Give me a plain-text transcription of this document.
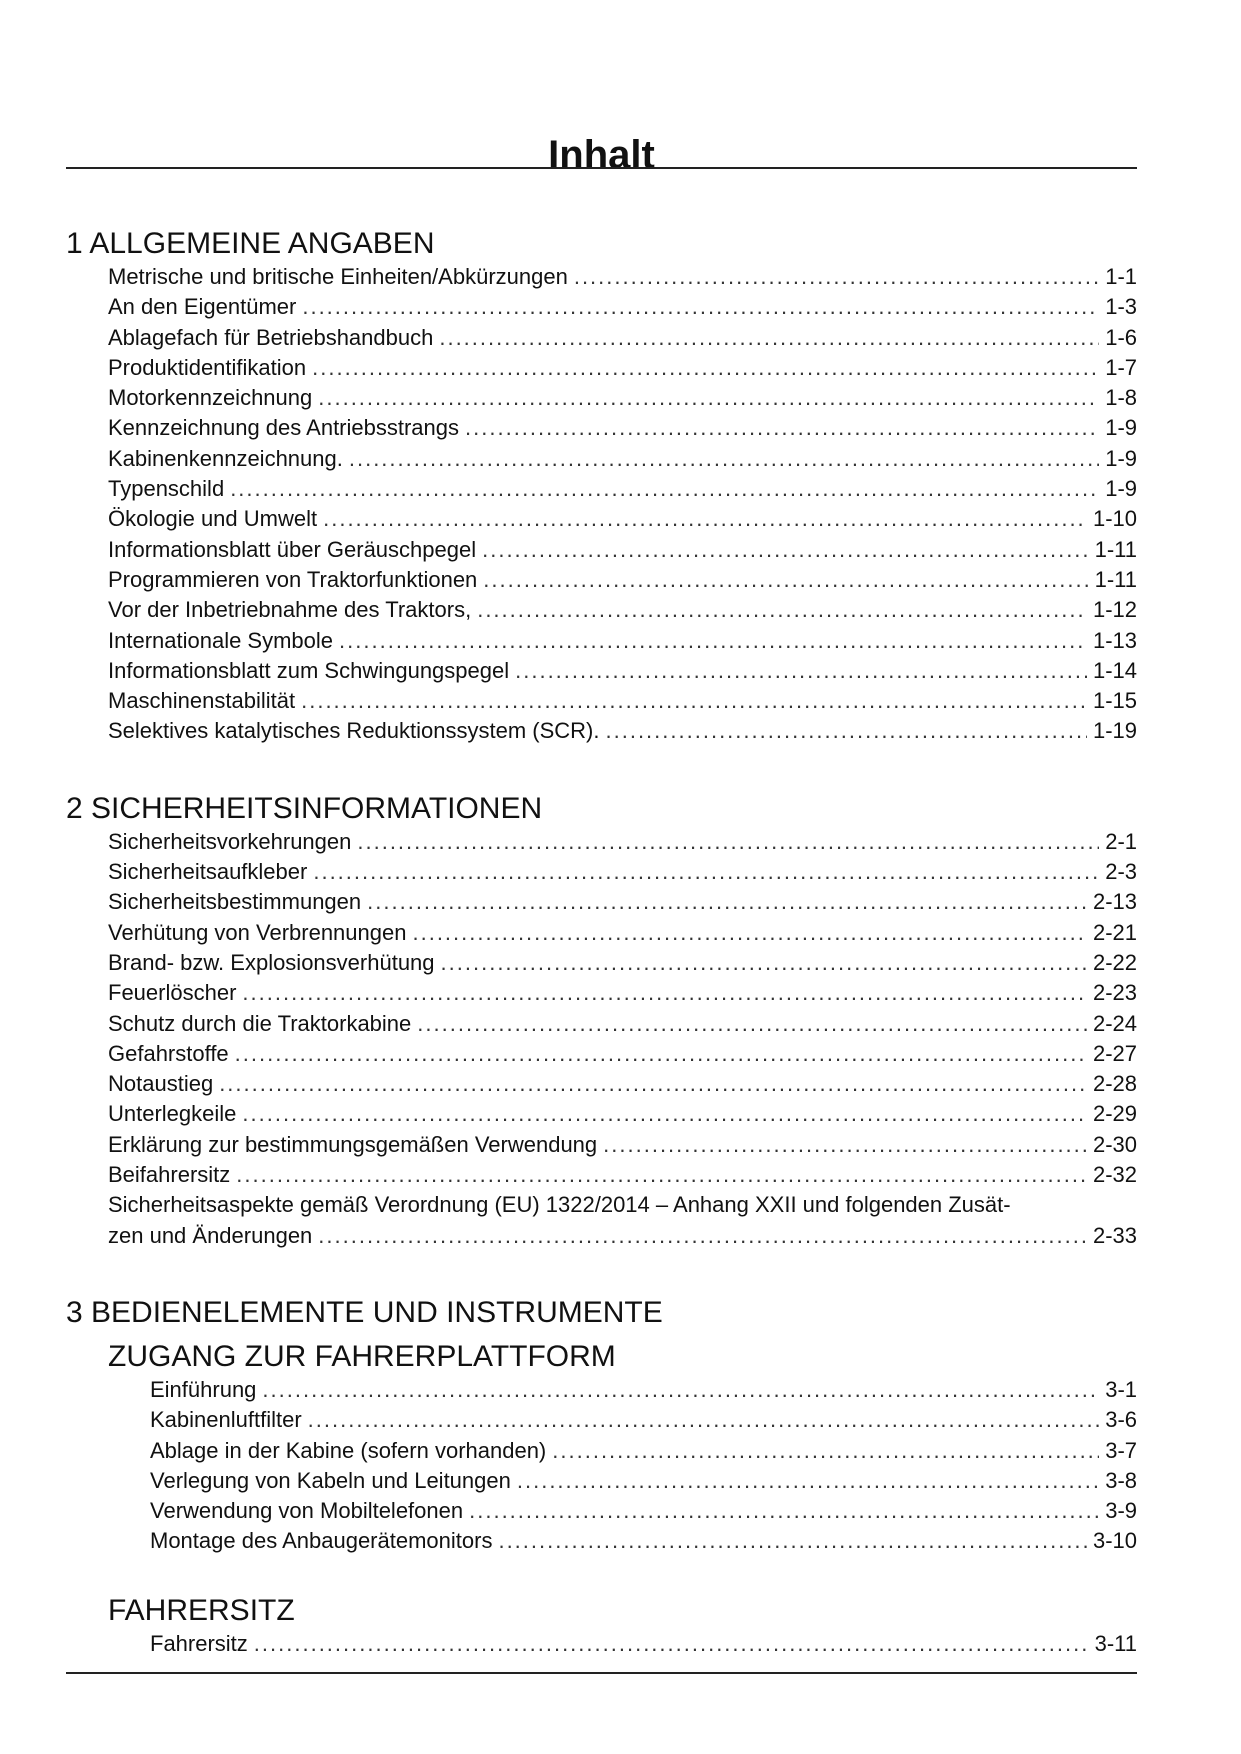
Inhalt
1 ALLGEMEINE ANGABEN
Metrische und britische Einheiten/Abkürzungen .....	1-1
An den Eigentümer .....	1-3
Ablagefach für Betriebshandbuch .....	1-6
Produktidentifikation .....	1-7
Motorkennzeichnung .....	1-8
Kennzeichnung des Antriebsstrangs .....	1-9
Kabinenkennzeichnung. .....	1-9
Typenschild .....	1-9
Ökologie und Umwelt .....	1-10
Informationsblatt über Geräuschpegel .....	1-11
Programmieren von Traktorfunktionen .....	1-11
Vor der Inbetriebnahme des Traktors, .....	1-12
Internationale Symbole .....	1-13
Informationsblatt zum Schwingungspegel .....	1-14
Maschinenstabilität .....	1-15
Selektives katalytisches Reduktionssystem (SCR). .....	1-19
2 SICHERHEITSINFORMATIONEN
Sicherheitsvorkehrungen .....	2-1
Sicherheitsaufkleber .....	2-3
Sicherheitsbestimmungen .....	2-13
Verhütung von Verbrennungen .....	2-21
Brand- bzw. Explosionsverhütung .....	2-22
Feuerlöscher .....	2-23
Schutz durch die Traktorkabine .....	2-24
Gefahrstoffe .....	2-27
Notaustieg .....	2-28
Unterlegkeile .....	2-29
Erklärung zur bestimmungsgemäßen Verwendung .....	2-30
Beifahrersitz .....	2-32
Sicherheitsaspekte gemäß Verordnung (EU) 1322/2014 – Anhang XXII und folgenden Zusät-
zen und Änderungen .....	2-33
3 BEDIENELEMENTE UND INSTRUMENTE
ZUGANG ZUR FAHRERPLATTFORM
Einführung .....	3-1
Kabinenluftfilter .....	3-6
Ablage in der Kabine (sofern vorhanden) .....	3-7
Verlegung von Kabeln und Leitungen .....	3-8
Verwendung von Mobiltelefonen .....	3-9
Montage des Anbaugerätemonitors .....	3-10
FAHRERSITZ
Fahrersitz .....	3-11
